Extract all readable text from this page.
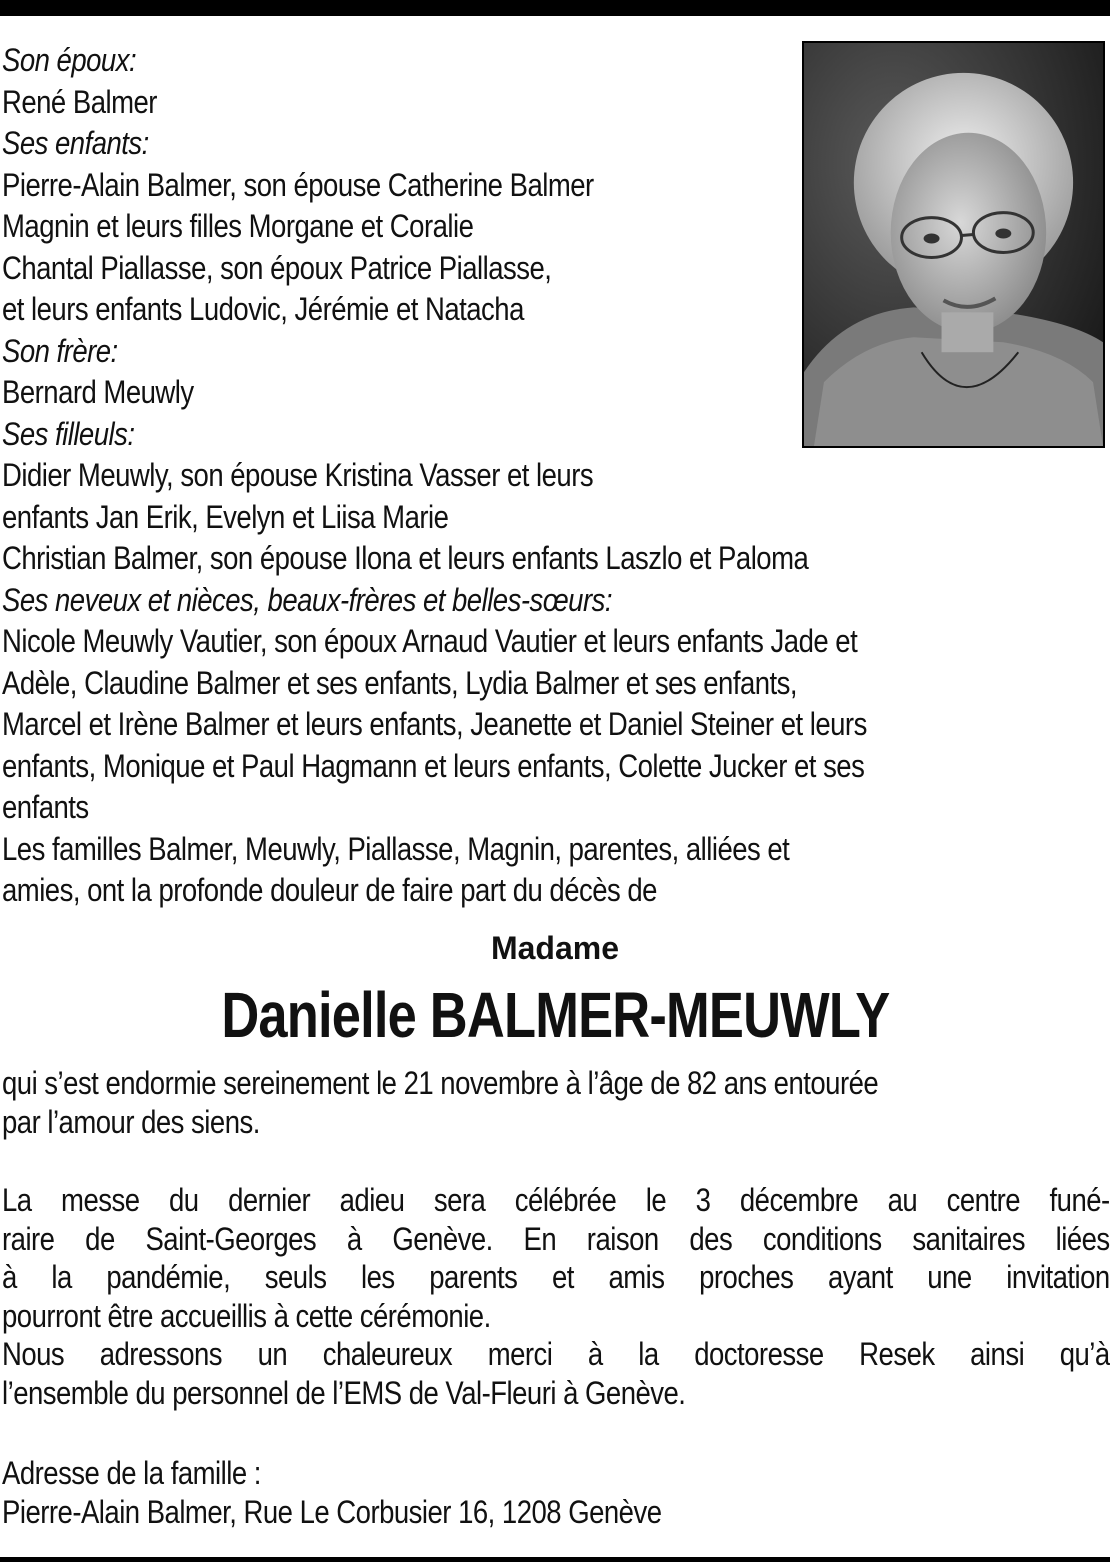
Son époux:
René Balmer
Ses enfants:
Pierre-Alain Balmer, son épouse Catherine Balmer
Magnin et leurs filles Morgane et Coralie
Chantal Piallasse, son époux Patrice Piallasse,
et leurs enfants Ludovic, Jérémie et Natacha
Son frère:
Bernard Meuwly
Ses filleuls:
Didier Meuwly, son épouse Kristina Vasser et leurs
enfants Jan Erik, Evelyn et Liisa Marie
Christian Balmer, son épouse Ilona et leurs enfants Laszlo et Paloma
Ses neveux et nièces, beaux-frères et belles-sœurs:
Nicole Meuwly Vautier, son époux Arnaud Vautier et leurs enfants Jade et
Adèle, Claudine Balmer et ses enfants, Lydia Balmer et ses enfants,
Marcel et Irène Balmer et leurs enfants, Jeanette et Daniel Steiner et leurs
enfants, Monique et Paul Hagmann et leurs enfants, Colette Jucker et ses
enfants
Les familles Balmer, Meuwly, Piallasse, Magnin, parentes, alliées et
amies, ont la profonde douleur de faire part du décès de
Madame
Danielle BALMER-MEUWLY
qui s’est endormie sereinement le 21 novembre à l’âge de 82 ans entourée
par l’amour des siens.
La messe du dernier adieu sera célébrée le 3 décembre au centre funé-
raire de Saint-Georges à Genève. En raison des conditions sanitaires liées
à la pandémie, seuls les parents et amis proches ayant une invitation
pourront être accueillis à cette cérémonie.
Nous adressons un chaleureux merci à la doctoresse Resek ainsi qu’à
l’ensemble du personnel de l’EMS de Val-Fleuri à Genève.
Adresse de la famille :
Pierre-Alain Balmer, Rue Le Corbusier 16, 1208 Genève
